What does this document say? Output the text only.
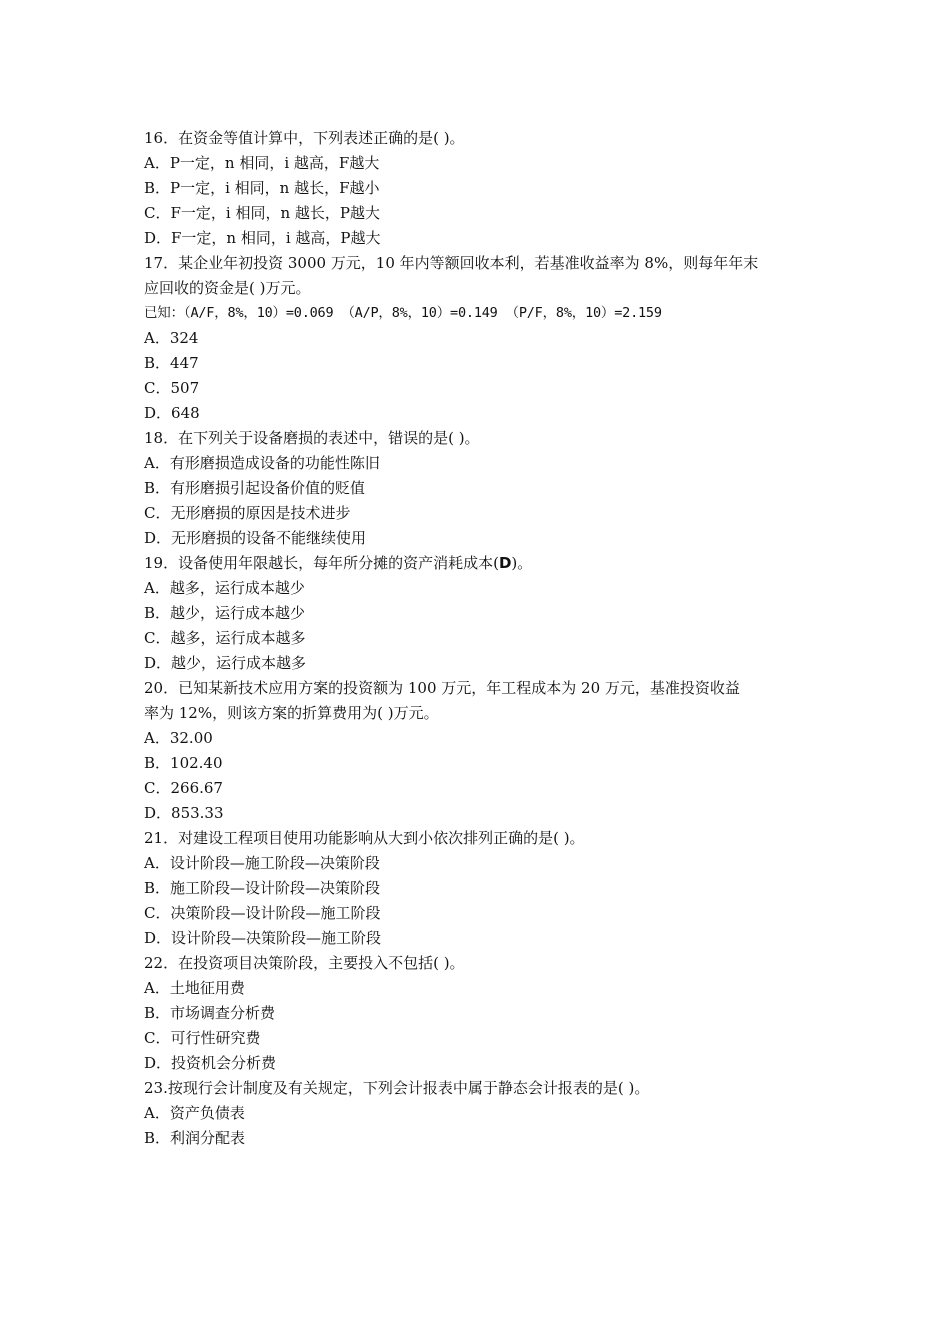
16．在资金等值计算中，下列表述正确的是( )。
A．P一定，n 相同，i 越高，F越大
B．P一定，i 相同，n 越长，F越小
C．F一定，i 相同，n 越长，P越大
D．F一定，n 相同，i 越高，P越大
17．某企业年初投资 3000 万元，10 年内等额回收本利，若基准收益率为 8%，则每年年末
应回收的资金是( )万元。
已知：（A/F，8%，10）=0.069 （A/P，8%，10）=0.149 （P/F，8%，10）=2.159
A．324
B．447
C．507
D．648
18．在下列关于设备磨损的表述中，错误的是( )。
A．有形磨损造成设备的功能性陈旧
B．有形磨损引起设备价值的贬值
C．无形磨损的原因是技术进步
D．无形磨损的设备不能继续使用
19．设备使用年限越长，每年所分摊的资产消耗成本(D)。
A．越多，运行成本越少
B．越少，运行成本越少
C．越多，运行成本越多
D．越少，运行成本越多
20．已知某新技术应用方案的投资额为 100 万元，年工程成本为 20 万元，基准投资收益
率为 12%，则该方案的折算费用为( )万元。
A．32.00
B．102.40
C．266.67
D．853.33
21．对建设工程项目使用功能影响从大到小依次排列正确的是( )。
A．设计阶段—施工阶段—决策阶段
B．施工阶段—设计阶段—决策阶段
C．决策阶段—设计阶段—施工阶段
D．设计阶段—决策阶段—施工阶段
22．在投资项目决策阶段，主要投入不包括( )。
A．土地征用费
B．市场调查分析费
C．可行性研究费
D．投资机会分析费
23.按现行会计制度及有关规定，下列会计报表中属于静态会计报表的是( )。
A．资产负债表
B．利润分配表
